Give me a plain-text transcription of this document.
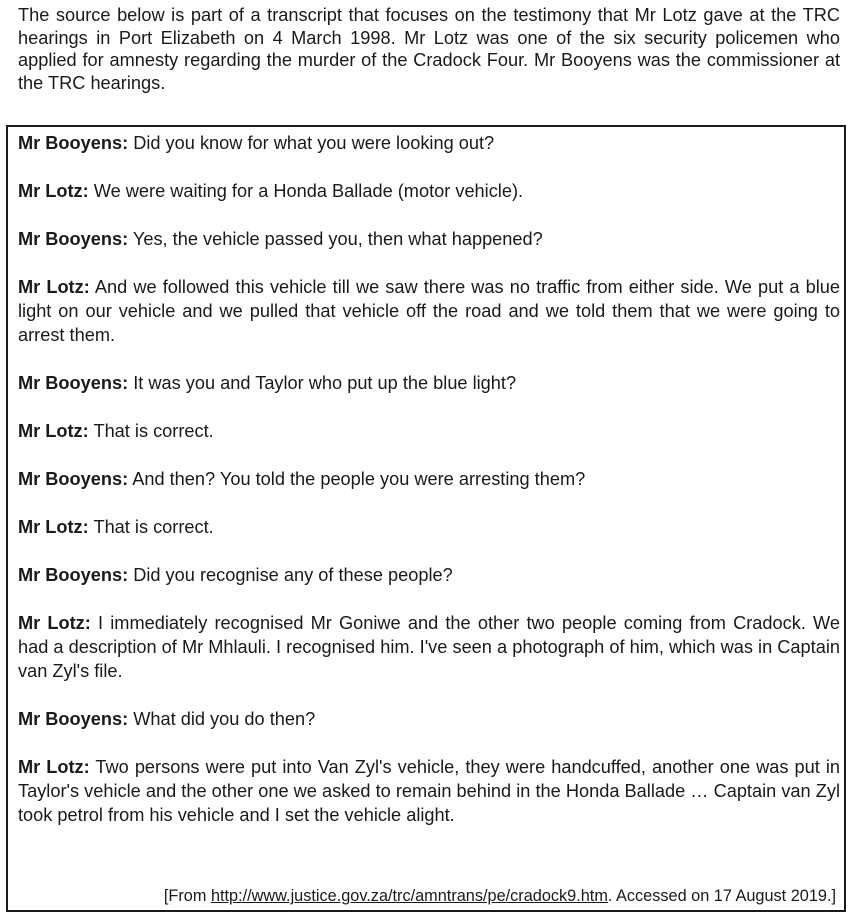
The source below is part of a transcript that focuses on the testimony that Mr Lotz gave at the TRC hearings in Port Elizabeth on 4 March 1998. Mr Lotz was one of the six security policemen who applied for amnesty regarding the murder of the Cradock Four. Mr Booyens was the commissioner at the TRC hearings.

Mr Booyens: Did you know for what you were looking out?

Mr Lotz: We were waiting for a Honda Ballade (motor vehicle).

Mr Booyens: Yes, the vehicle passed you, then what happened?

Mr Lotz: And we followed this vehicle till we saw there was no traffic from either side. We put a blue light on our vehicle and we pulled that vehicle off the road and we told them that we were going to arrest them.

Mr Booyens: It was you and Taylor who put up the blue light?

Mr Lotz: That is correct.

Mr Booyens: And then? You told the people you were arresting them?

Mr Lotz: That is correct.

Mr Booyens: Did you recognise any of these people?

Mr Lotz: I immediately recognised Mr Goniwe and the other two people coming from Cradock. We had a description of Mr Mhlauli. I recognised him. I've seen a photograph of him, which was in Captain van Zyl's file.

Mr Booyens: What did you do then?

Mr Lotz: Two persons were put into Van Zyl's vehicle, they were handcuffed, another one was put in Taylor's vehicle and the other one we asked to remain behind in the Honda Ballade … Captain van Zyl took petrol from his vehicle and I set the vehicle alight.

[From http://www.justice.gov.za/trc/amntrans/pe/cradock9.htm. Accessed on 17 August 2019.]
